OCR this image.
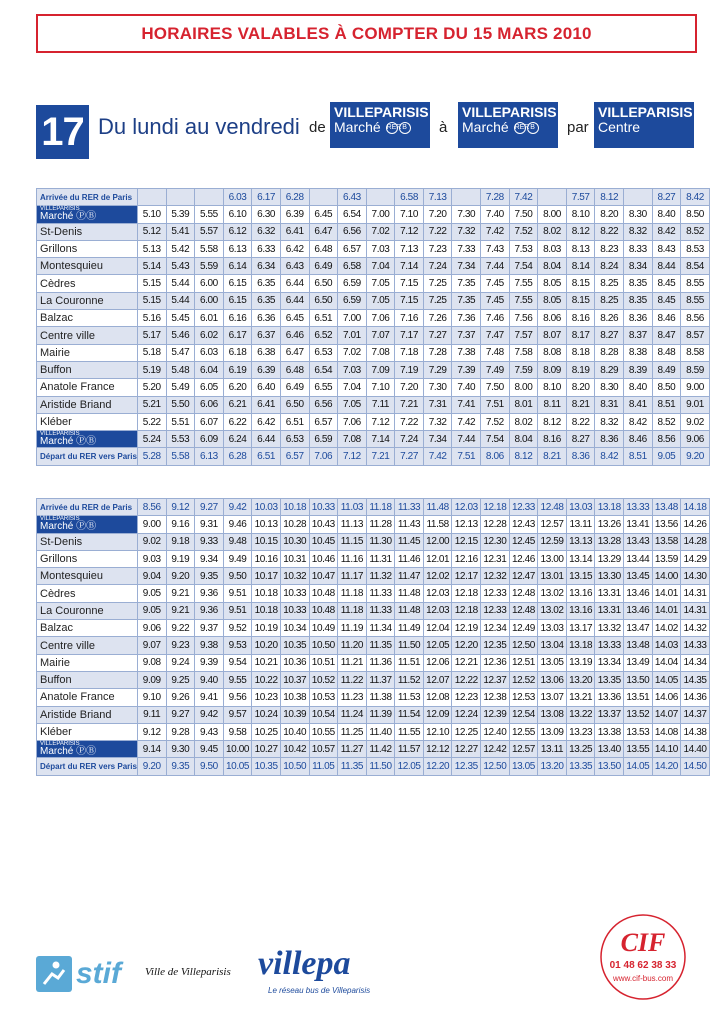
HORAIRES VALABLES À COMPTER DU 15 MARS 2010
17 Du lundi au vendredi de
VILLEPARISIS
Marché RERB	à
VILLEPARISIS
Marché RERB	par
VILLEPARISIS
Centre
Arrivée du RER de Paris				6.03	6.17	6.28		6.43		6.58	7.13		7.28	7.42		7.57	8.12		8.27	8.42

VILLEPARISIS
Marché ⓅⒷ	5.10	5.39	5.55	6.10	6.30	6.39	6.45	6.54	7.00	7.10	7.20	7.30	7.40	7.50	8.00	8.10	8.20	8.30	8.40	8.50
St-Denis	5.12	5.41	5.57	6.12	6.32	6.41	6.47	6.56	7.02	7.12	7.22	7.32	7.42	7.52	8.02	8.12	8.22	8.32	8.42	8.52
Grillons	5.13	5.42	5.58	6.13	6.33	6.42	6.48	6.57	7.03	7.13	7.23	7.33	7.43	7.53	8.03	8.13	8.23	8.33	8.43	8.53
Montesquieu	5.14	5.43	5.59	6.14	6.34	6.43	6.49	6.58	7.04	7.14	7.24	7.34	7.44	7.54	8.04	8.14	8.24	8.34	8.44	8.54
Cèdres	5.15	5.44	6.00	6.15	6.35	6.44	6.50	6.59	7.05	7.15	7.25	7.35	7.45	7.55	8.05	8.15	8.25	8.35	8.45	8.55
La Couronne	5.15	5.44	6.00	6.15	6.35	6.44	6.50	6.59	7.05	7.15	7.25	7.35	7.45	7.55	8.05	8.15	8.25	8.35	8.45	8.55
Balzac	5.16	5.45	6.01	6.16	6.36	6.45	6.51	7.00	7.06	7.16	7.26	7.36	7.46	7.56	8.06	8.16	8.26	8.36	8.46	8.56
Centre ville	5.17	5.46	6.02	6.17	6.37	6.46	6.52	7.01	7.07	7.17	7.27	7.37	7.47	7.57	8.07	8.17	8.27	8.37	8.47	8.57
Mairie	5.18	5.47	6.03	6.18	6.38	6.47	6.53	7.02	7.08	7.18	7.28	7.38	7.48	7.58	8.08	8.18	8.28	8.38	8.48	8.58
Buffon	5.19	5.48	6.04	6.19	6.39	6.48	6.54	7.03	7.09	7.19	7.29	7.39	7.49	7.59	8.09	8.19	8.29	8.39	8.49	8.59
Anatole France	5.20	5.49	6.05	6.20	6.40	6.49	6.55	7.04	7.10	7.20	7.30	7.40	7.50	8.00	8.10	8.20	8.30	8.40	8.50	9.00
Aristide Briand	5.21	5.50	6.06	6.21	6.41	6.50	6.56	7.05	7.11	7.21	7.31	7.41	7.51	8.01	8.11	8.21	8.31	8.41	8.51	9.01
Kléber	5.22	5.51	6.07	6.22	6.42	6.51	6.57	7.06	7.12	7.22	7.32	7.42	7.52	8.02	8.12	8.22	8.32	8.42	8.52	9.02

VILLEPARISIS
Marché ⓅⒷ	5.24	5.53	6.09	6.24	6.44	6.53	6.59	7.08	7.14	7.24	7.34	7.44	7.54	8.04	8.16	8.27	8.36	8.46	8.56	9.06
Départ du RER vers Paris	5.28	5.58	6.13	6.28	6.51	6.57	7.06	7.12	7.21	7.27	7.42	7.51	8.06	8.12	8.21	8.36	8.42	8.51	9.05	9.20
Arrivée du RER de Paris	8.56	9.12	9.27	9.42	10.03	10.18	10.33	11.03	11.18	11.33	11.48	12.03	12.18	12.33	12.48	13.03	13.18	13.33	13.48	14.18

VILLEPARISIS
Marché ⓅⒷ	9.00	9.16	9.31	9.46	10.13	10.28	10.43	11.13	11.28	11.43	11.58	12.13	12.28	12.43	12.57	13.11	13.26	13.41	13.56	14.26
St-Denis	9.02	9.18	9.33	9.48	10.15	10.30	10.45	11.15	11.30	11.45	12.00	12.15	12.30	12.45	12.59	13.13	13.28	13.43	13.58	14.28
Grillons	9.03	9.19	9.34	9.49	10.16	10.31	10.46	11.16	11.31	11.46	12.01	12.16	12.31	12.46	13.00	13.14	13.29	13.44	13.59	14.29
Montesquieu	9.04	9.20	9.35	9.50	10.17	10.32	10.47	11.17	11.32	11.47	12.02	12.17	12.32	12.47	13.01	13.15	13.30	13.45	14.00	14.30
Cèdres	9.05	9.21	9.36	9.51	10.18	10.33	10.48	11.18	11.33	11.48	12.03	12.18	12.33	12.48	13.02	13.16	13.31	13.46	14.01	14.31
La Couronne	9.05	9.21	9.36	9.51	10.18	10.33	10.48	11.18	11.33	11.48	12.03	12.18	12.33	12.48	13.02	13.16	13.31	13.46	14.01	14.31
Balzac	9.06	9.22	9.37	9.52	10.19	10.34	10.49	11.19	11.34	11.49	12.04	12.19	12.34	12.49	13.03	13.17	13.32	13.47	14.02	14.32
Centre ville	9.07	9.23	9.38	9.53	10.20	10.35	10.50	11.20	11.35	11.50	12.05	12.20	12.35	12.50	13.04	13.18	13.33	13.48	14.03	14.33
Mairie	9.08	9.24	9.39	9.54	10.21	10.36	10.51	11.21	11.36	11.51	12.06	12.21	12.36	12.51	13.05	13.19	13.34	13.49	14.04	14.34
Buffon	9.09	9.25	9.40	9.55	10.22	10.37	10.52	11.22	11.37	11.52	12.07	12.22	12.37	12.52	13.06	13.20	13.35	13.50	14.05	14.35
Anatole France	9.10	9.26	9.41	9.56	10.23	10.38	10.53	11.23	11.38	11.53	12.08	12.23	12.38	12.53	13.07	13.21	13.36	13.51	14.06	14.36
Aristide Briand	9.11	9.27	9.42	9.57	10.24	10.39	10.54	11.24	11.39	11.54	12.09	12.24	12.39	12.54	13.08	13.22	13.37	13.52	14.07	14.37
Kléber	9.12	9.28	9.43	9.58	10.25	10.40	10.55	11.25	11.40	11.55	12.10	12.25	12.40	12.55	13.09	13.23	13.38	13.53	14.08	14.38

VILLEPARISIS
Marché ⓅⒷ	9.14	9.30	9.45	10.00	10.27	10.42	10.57	11.27	11.42	11.57	12.12	12.27	12.42	12.57	13.11	13.25	13.40	13.55	14.10	14.40
Départ du RER vers Paris	9.20	9.35	9.50	10.05	10.35	10.50	11.05	11.35	11.50	12.05	12.20	12.35	12.50	13.05	13.20	13.35	13.50	14.05	14.20	14.50
stif Ville de Villeparisis villepa
Le réseau bus de Villeparisis
CIF
01 48 62 38 33
www.cif-bus.com
